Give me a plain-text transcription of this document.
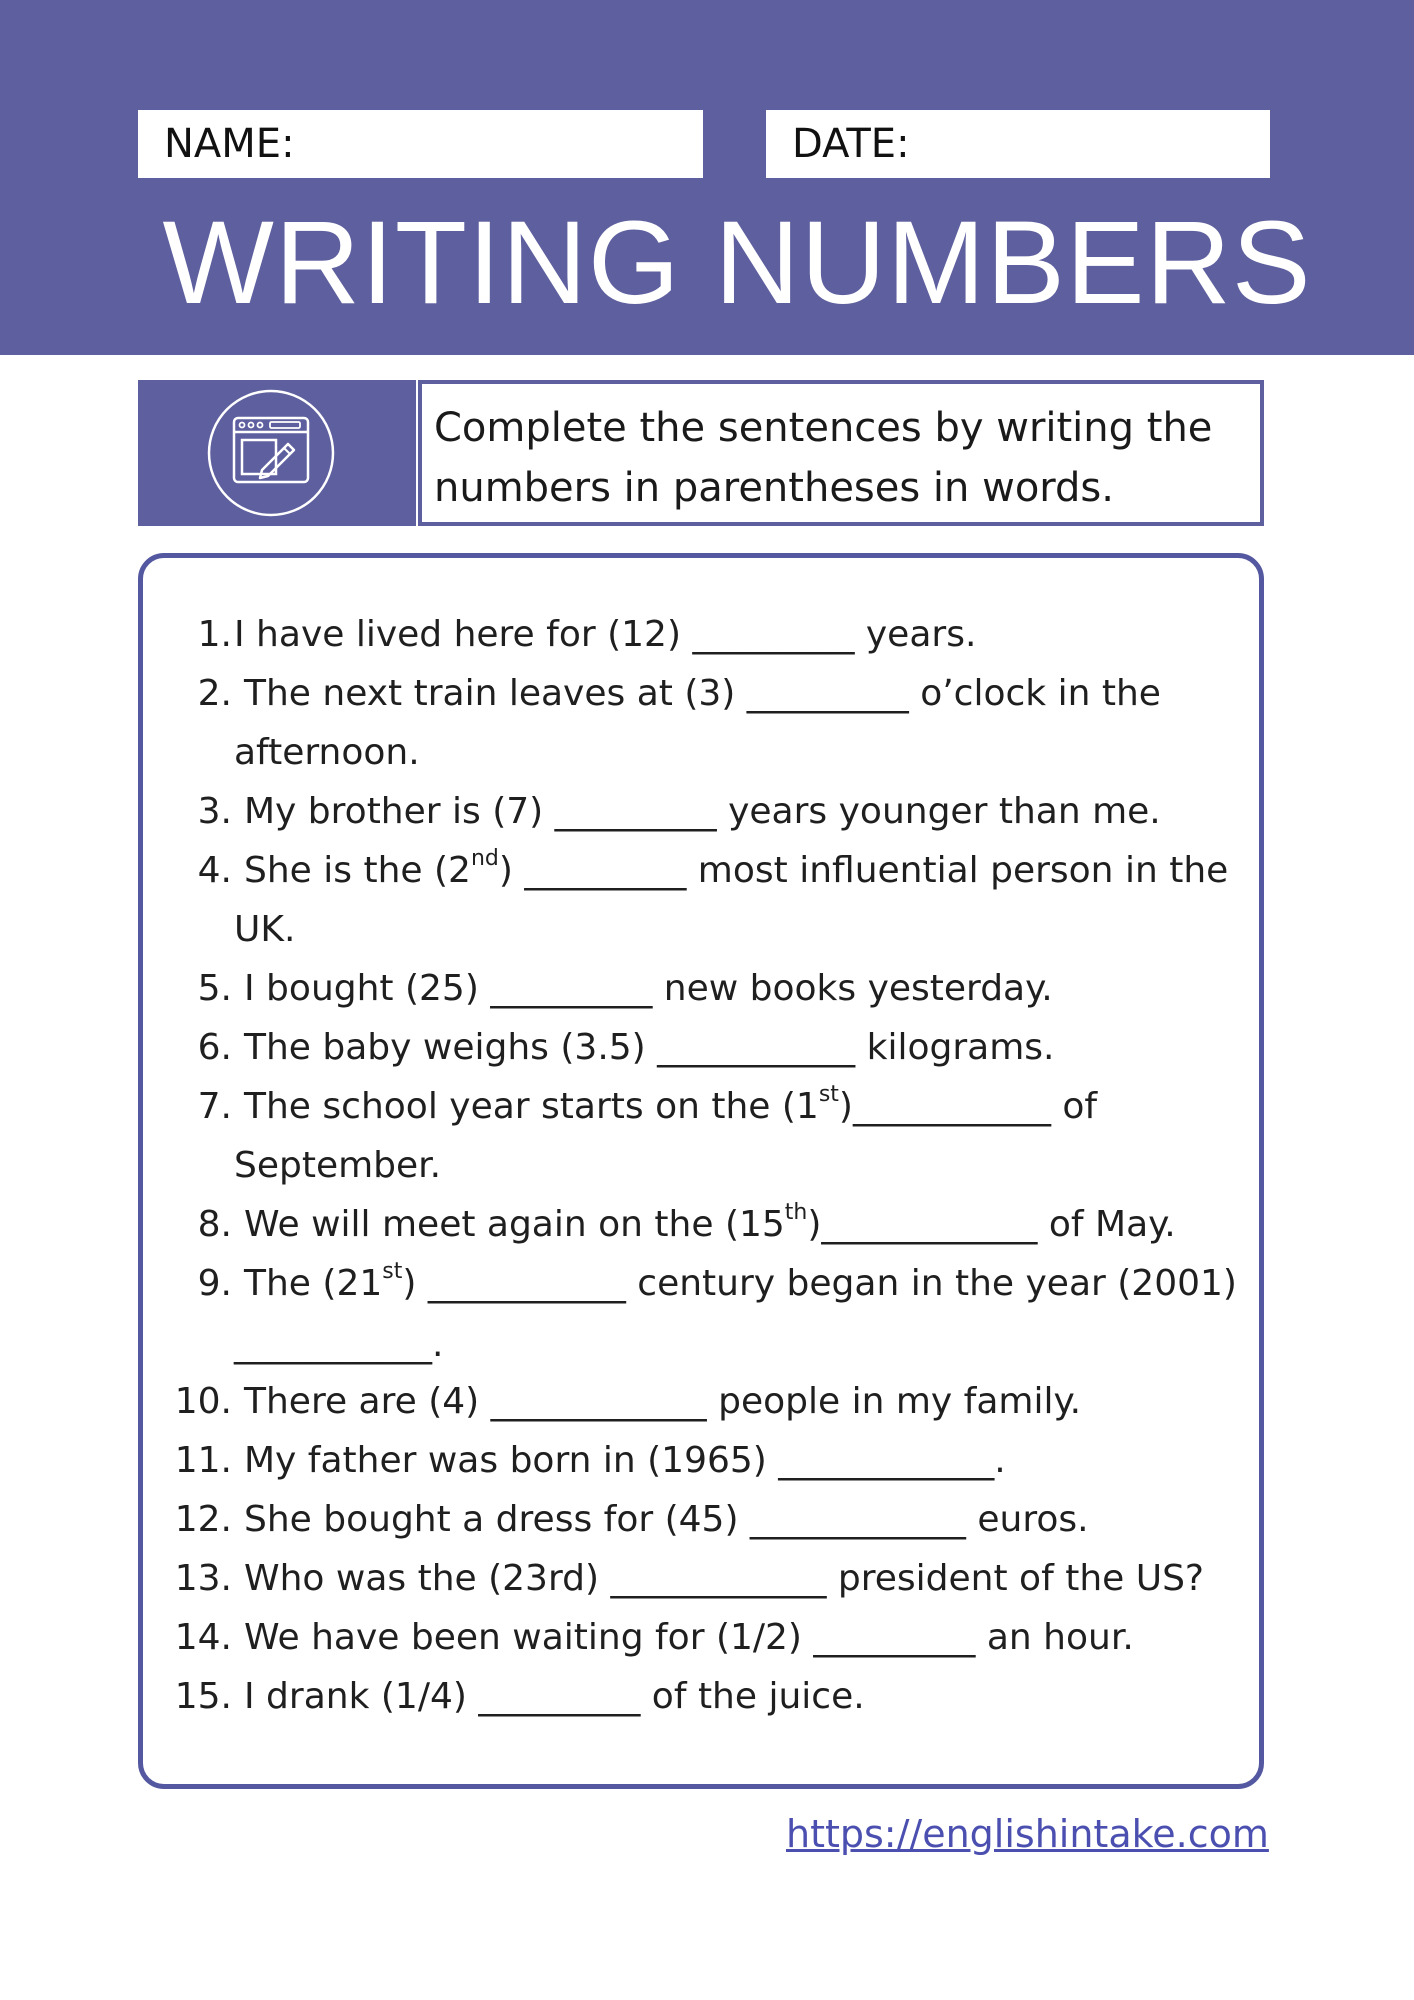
NAME:	DATE:
WRITING NUMBERS
Complete the sentences by writing the
numbers in parentheses in words.
1. I have lived here for (12) _________ years.
2. The next train leaves at (3) _________ o’clock in the
afternoon.
3. My brother is (7) _________ years younger than me.
4. She is the (2nd) _________ most influential person in the
UK.
5. I bought (25) _________ new books yesterday.
6. The baby weighs (3.5) ___________ kilograms.
7. The school year starts on the (1st)___________ of
September.
8. We will meet again on the (15th)____________ of May.
9. The (21st) ___________ century began in the year (2001)
___________.
10. There are (4) ____________ people in my family.
11. My father was born in (1965) ____________.
12. She bought a dress for (45) ____________ euros.
13. Who was the (23rd) ____________ president of the US?
14. We have been waiting for (1/2) _________ an hour.
15. I drank (1/4) _________ of the juice.
https://englishintake.com
